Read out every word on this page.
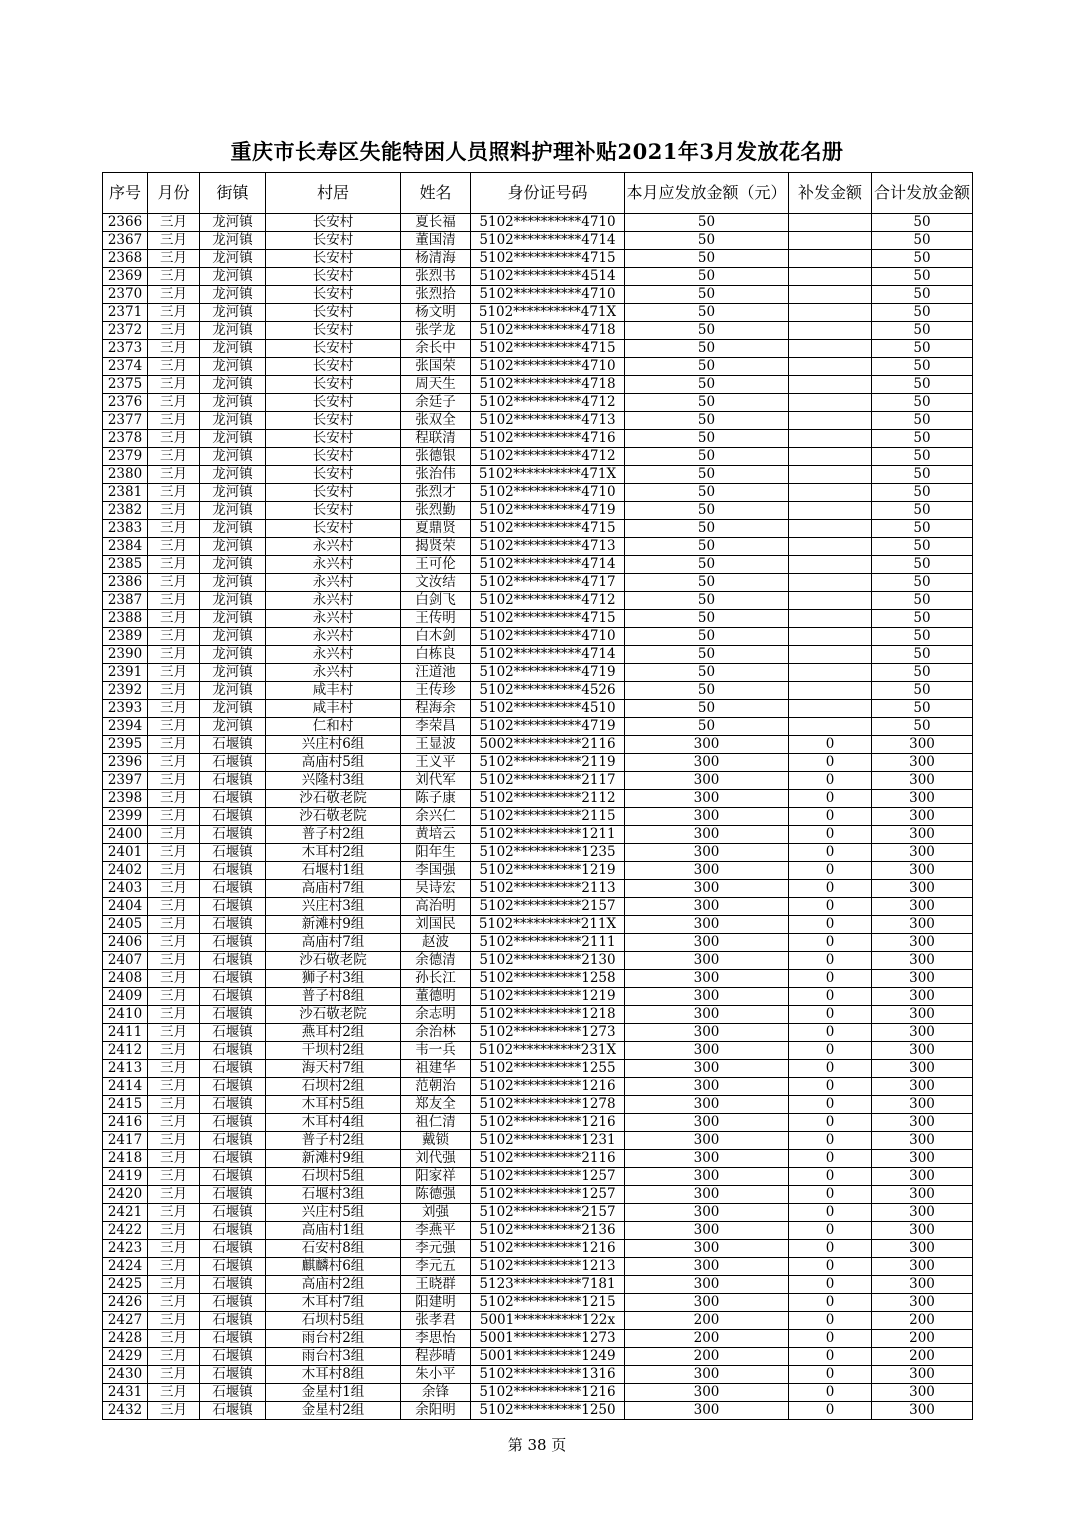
重庆市长寿区失能特困人员照料护理补贴2021年3月发放花名册
序号	月份	街镇	村居	姓名	身份证号码	本月应发放金额（元）	补发金额	合计发放金额
2366	三月	龙河镇	长安村	夏长福	5102**********4710	50		50
2367	三月	龙河镇	长安村	董国清	5102**********4714	50		50
2368	三月	龙河镇	长安村	杨清海	5102**********4715	50		50
2369	三月	龙河镇	长安村	张烈书	5102**********4514	50		50
2370	三月	龙河镇	长安村	张烈拾	5102**********4710	50		50
2371	三月	龙河镇	长安村	杨文明	5102**********471X	50		50
2372	三月	龙河镇	长安村	张学龙	5102**********4718	50		50
2373	三月	龙河镇	长安村	余长中	5102**********4715	50		50
2374	三月	龙河镇	长安村	张国荣	5102**********4710	50		50
2375	三月	龙河镇	长安村	周天生	5102**********4718	50		50
2376	三月	龙河镇	长安村	余廷子	5102**********4712	50		50
2377	三月	龙河镇	长安村	张双全	5102**********4713	50		50
2378	三月	龙河镇	长安村	程联清	5102**********4716	50		50
2379	三月	龙河镇	长安村	张德银	5102**********4712	50		50
2380	三月	龙河镇	长安村	张治伟	5102**********471X	50		50
2381	三月	龙河镇	长安村	张烈才	5102**********4710	50		50
2382	三月	龙河镇	长安村	张烈勤	5102**********4719	50		50
2383	三月	龙河镇	长安村	夏鼎贤	5102**********4715	50		50
2384	三月	龙河镇	永兴村	揭贤荣	5102**********4713	50		50
2385	三月	龙河镇	永兴村	王可伦	5102**********4714	50		50
2386	三月	龙河镇	永兴村	文汝结	5102**********4717	50		50
2387	三月	龙河镇	永兴村	白剑飞	5102**********4712	50		50
2388	三月	龙河镇	永兴村	王传明	5102**********4715	50		50
2389	三月	龙河镇	永兴村	白木剑	5102**********4710	50		50
2390	三月	龙河镇	永兴村	白栋良	5102**********4714	50		50
2391	三月	龙河镇	永兴村	汪道池	5102**********4719	50		50
2392	三月	龙河镇	咸丰村	王传珍	5102**********4526	50		50
2393	三月	龙河镇	咸丰村	程海余	5102**********4510	50		50
2394	三月	龙河镇	仁和村	李荣昌	5102**********4719	50		50
2395	三月	石堰镇	兴庄村6组	王显波	5002**********2116	300	0	300
2396	三月	石堰镇	高庙村5组	王义平	5102**********2119	300	0	300
2397	三月	石堰镇	兴隆村3组	刘代军	5102**********2117	300	0	300
2398	三月	石堰镇	沙石敬老院	陈子康	5102**********2112	300	0	300
2399	三月	石堰镇	沙石敬老院	余兴仁	5102**********2115	300	0	300
2400	三月	石堰镇	普子村2组	黄培云	5102**********1211	300	0	300
2401	三月	石堰镇	木耳村2组	阳年生	5102**********1235	300	0	300
2402	三月	石堰镇	石堰村1组	李国强	5102**********1219	300	0	300
2403	三月	石堰镇	高庙村7组	吴诗宏	5102**********2113	300	0	300
2404	三月	石堰镇	兴庄村3组	高治明	5102**********2157	300	0	300
2405	三月	石堰镇	新滩村9组	刘国民	5102**********211X	300	0	300
2406	三月	石堰镇	高庙村7组	赵波	5102**********2111	300	0	300
2407	三月	石堰镇	沙石敬老院	余德清	5102**********2130	300	0	300
2408	三月	石堰镇	狮子村3组	孙长江	5102**********1258	300	0	300
2409	三月	石堰镇	普子村8组	董德明	5102**********1219	300	0	300
2410	三月	石堰镇	沙石敬老院	余志明	5102**********1218	300	0	300
2411	三月	石堰镇	燕耳村2组	余治林	5102**********1273	300	0	300
2412	三月	石堰镇	干坝村2组	韦一兵	5102**********231X	300	0	300
2413	三月	石堰镇	海天村7组	祖建华	5102**********1255	300	0	300
2414	三月	石堰镇	石坝村2组	范朝治	5102**********1216	300	0	300
2415	三月	石堰镇	木耳村5组	郑友全	5102**********1278	300	0	300
2416	三月	石堰镇	木耳村4组	祖仁清	5102**********1216	300	0	300
2417	三月	石堰镇	普子村2组	戴锁	5102**********1231	300	0	300
2418	三月	石堰镇	新滩村9组	刘代强	5102**********2116	300	0	300
2419	三月	石堰镇	石坝村5组	阳家祥	5102**********1257	300	0	300
2420	三月	石堰镇	石堰村3组	陈德强	5102**********1257	300	0	300
2421	三月	石堰镇	兴庄村5组	刘强	5102**********2157	300	0	300
2422	三月	石堰镇	高庙村1组	李燕平	5102**********2136	300	0	300
2423	三月	石堰镇	石安村8组	李元强	5102**********1216	300	0	300
2424	三月	石堰镇	麒麟村6组	李元五	5102**********1213	300	0	300
2425	三月	石堰镇	高庙村2组	王晓群	5123**********7181	300	0	300
2426	三月	石堰镇	木耳村7组	阳建明	5102**********1215	300	0	300
2427	三月	石堰镇	石坝村5组	张孝君	5001**********122x	200	0	200
2428	三月	石堰镇	雨台村2组	李思怡	5001**********1273	200	0	200
2429	三月	石堰镇	雨台村3组	程莎晴	5001**********1249	200	0	200
2430	三月	石堰镇	木耳村8组	朱小平	5102**********1316	300	0	300
2431	三月	石堰镇	金星村1组	余锋	5102**********1216	300	0	300
2432	三月	石堰镇	金星村2组	余阳明	5102**********1250	300	0	300
第 38 页
